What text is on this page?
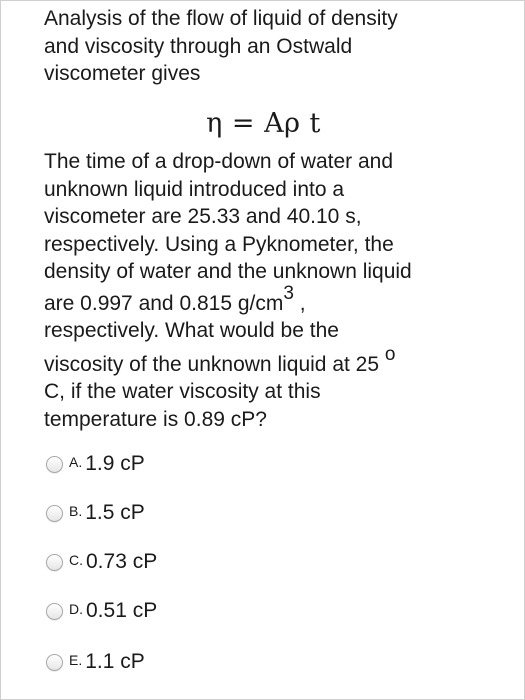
Analysis of the flow of liquid of density
and viscosity through an Ostwald
viscometer gives

η = Aρ t
The time of a drop-down of water and
unknown liquid introduced into a
viscometer are 25.33 and 40.10 s,
respectively. Using a Pyknometer, the
density of water and the unknown liquid
are 0.997 and 0.815 $g/cm^3$ ,
respectively. What would be the
viscosity of the unknown liquid at 25 $^o$
C, if the water viscosity at this
temperature is 0.89 cP?
A. 1.9 cP
B. 1.5 cP
C. 0.73 cP
D. 0.51 cP
E. 1.1 cP
